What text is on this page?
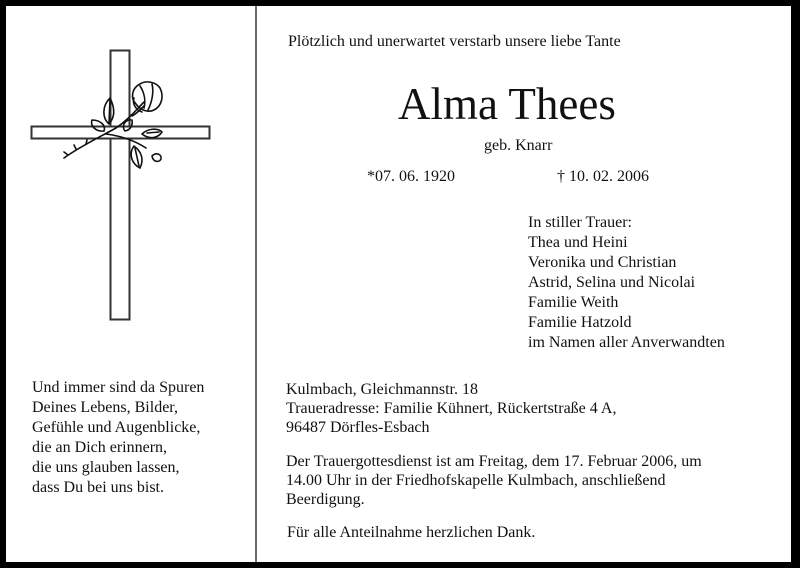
Und immer sind da Spuren
Deines Lebens, Bilder,
Gefühle und Augenblicke,
die an Dich erinnern,
die uns glauben lassen,
dass Du bei uns bist.
Plötzlich und unerwartet verstarb unsere liebe Tante
Alma Thees
geb. Knarr
*07. 06. 1920	† 10. 02. 2006
In stiller Trauer:
Thea und Heini
Veronika und Christian
Astrid, Selina und Nicolai
Familie Weith
Familie Hatzold
im Namen aller Anverwandten
Kulmbach, Gleichmannstr. 18
Traueradresse: Familie Kühnert, Rückertstraße 4 A,
96487 Dörfles-Esbach
Der Trauergottesdienst ist am Freitag, dem 17. Februar 2006, um
14.00 Uhr in der Friedhofskapelle Kulmbach, anschließend
Beerdigung.
Für alle Anteilnahme herzlichen Dank.
